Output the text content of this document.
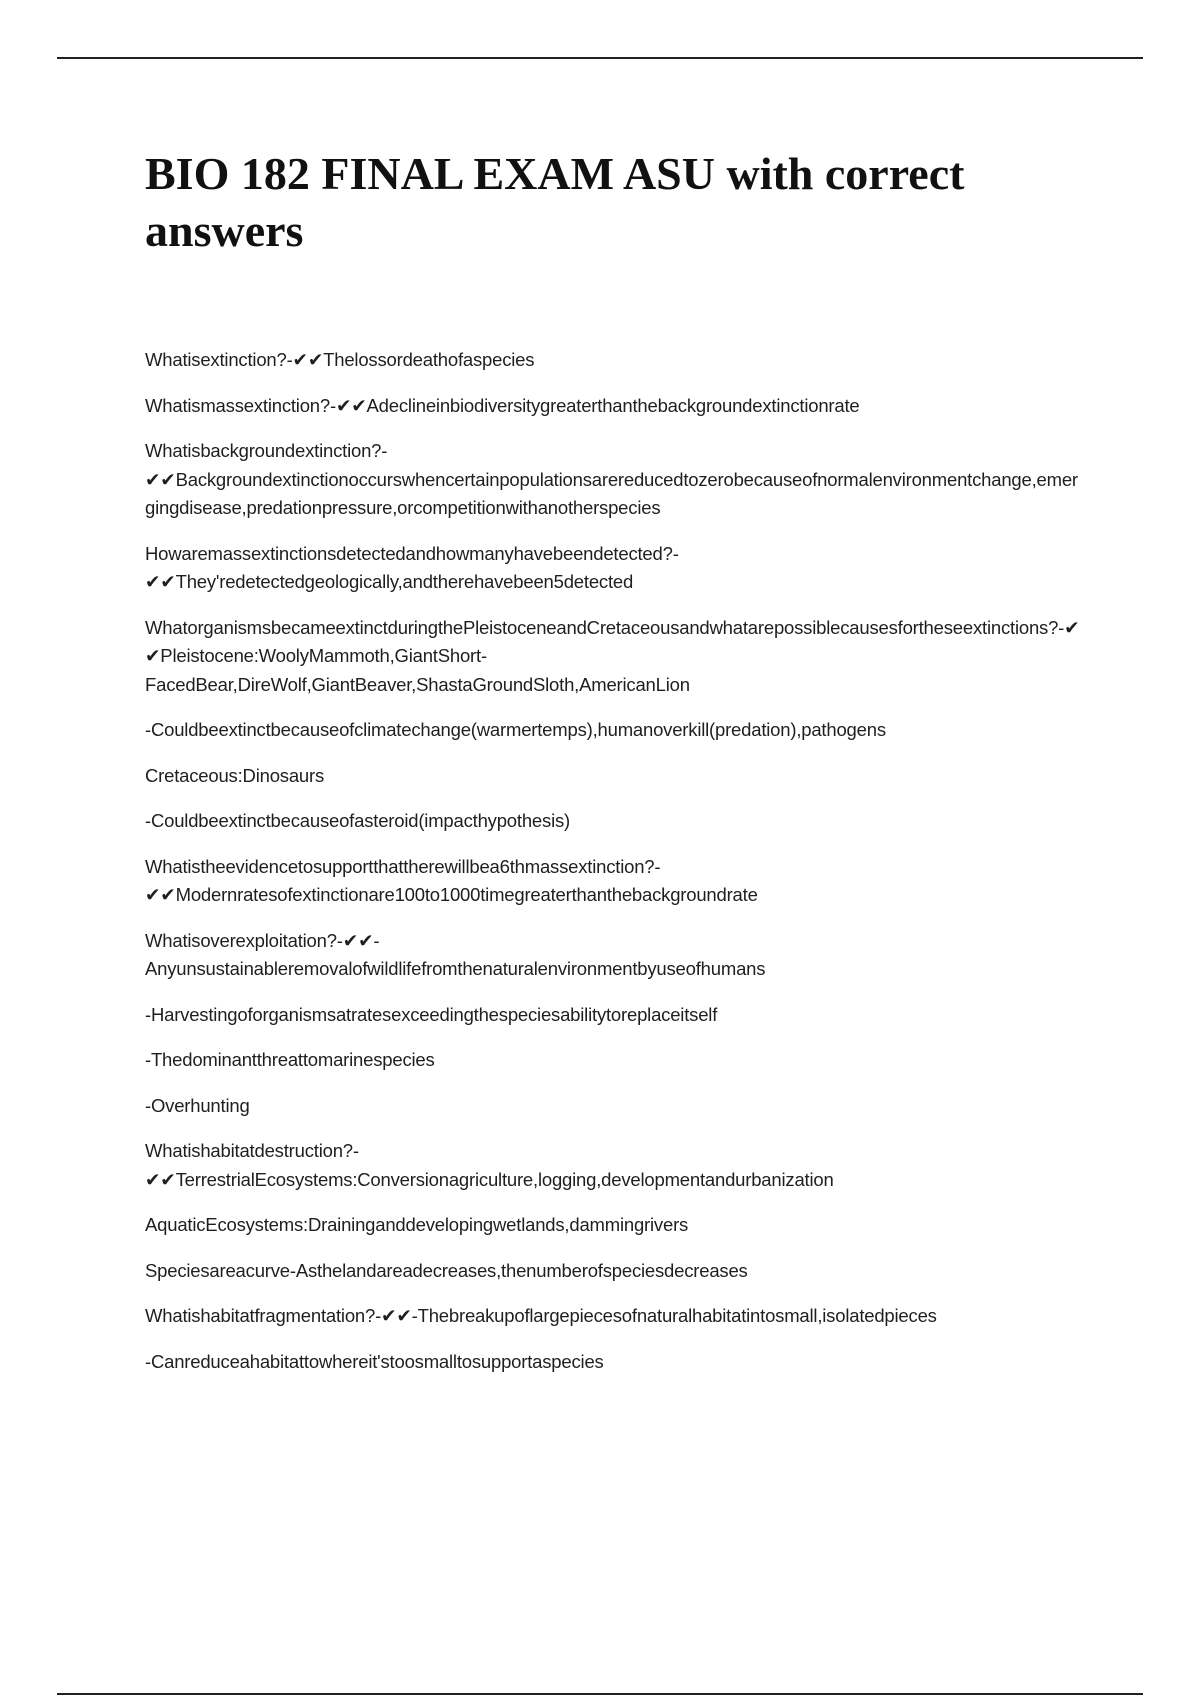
BIO 182 FINAL EXAM ASU with correct answers

Whatisextinction?-✔✔Thelossordeathofaspecies

Whatismassextinction?-✔✔Adeclineinbiodiversitygreaterthanthebackgroundextinctionrate

Whatisbackgroundextinction?-
✔✔Backgroundextinctionoccurswhencertainpopulationsarereducedtozerobecauseofnormalenvironmentchange,emergingdisease,predationpressure,orcompetitionwithanotherspecies

Howaremassextinctionsdetectedandhowmanyhavebeendetected?-
✔✔They'redetectedgeologically,andtherehavebeen5detected

WhatorganismsbecameextinctduringthePleistoceneandCretaceousandwhatarepossiblecausesfortheseextinctions?-✔✔Pleistocene:WoolyMammoth,GiantShort-
FacedBear,DireWolf,GiantBeaver,ShastaGroundSloth,AmericanLion

-Couldbeextinctbecauseofclimatechange(warmertemps),humanoverkill(predation),pathogens

Cretaceous:Dinosaurs

-Couldbeextinctbecauseofasteroid(impacthypothesis)

Whatistheevidencetosupportthattherewillbea6thmassextinction?-
✔✔Modernratesofextinctionare100to1000timegreaterthanthebackgroundrate

Whatisoverexploitation?-✔✔-
Anyunsustainableremovalofwildlifefromthenaturalenvironmentbyuseofhumans

-Harvestingoforganismsatratesexceedingthespeciesabilitytoreplaceitself

-Thedominantthreattomarinespecies

-Overhunting

Whatishabitatdestruction?-
✔✔TerrestrialEcosystems:Conversionagriculture,logging,developmentandurbanization

AquaticEcosystems:Draininganddevelopingwetlands,dammingrivers

Speciesareacurve-Asthelandareadecreases,thenumberofspeciesdecreases

Whatishabitatfragmentation?-✔✔-Thebreakupoflargepiecesofnaturalhabitatintosmall,isolatedpieces

-Canreduceahabitattowhereit'stoosmalltosupportaspecies
